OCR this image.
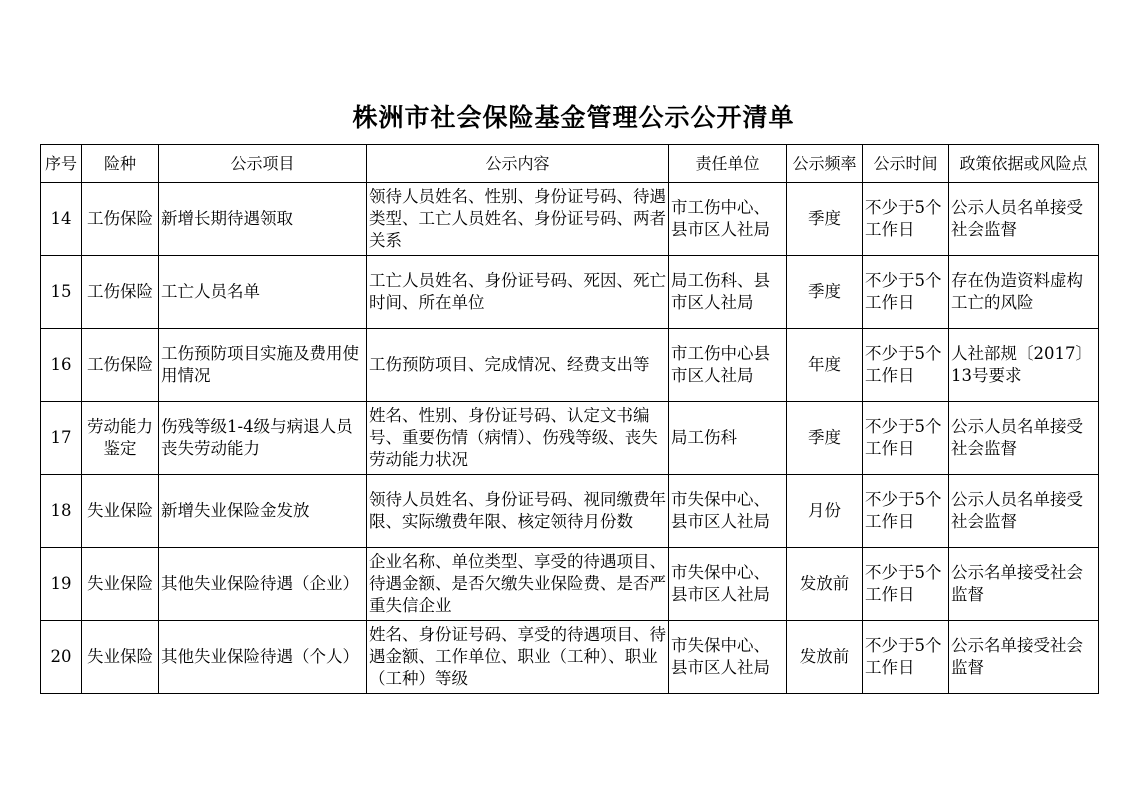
株洲市社会保险基金管理公示公开清单
序号	险种	公示项目	公示内容	责任单位	公示频率	公示时间	政策依据或风险点
14	工伤保险	新增长期待遇领取	领待人员姓名、性别、身份证号码、待遇类型、工亡人员姓名、身份证号码、两者关系	市工伤中心、县市区人社局	季度	不少于5个工作日	公示人员名单接受社会监督
15	工伤保险	工亡人员名单	工亡人员姓名、身份证号码、死因、死亡时间、所在单位	局工伤科、县市区人社局	季度	不少于5个工作日	存在伪造资料虚构工亡的风险
16	工伤保险	工伤预防项目实施及费用使用情况	工伤预防项目、完成情况、经费支出等	市工伤中心县市区人社局	年度	不少于5个工作日	人社部规〔2017〕13号要求
17	劳动能力鉴定	伤残等级1-4级与病退人员丧失劳动能力	姓名、性别、身份证号码、认定文书编号、重要伤情（病情）、伤残等级、丧失劳动能力状况	局工伤科	季度	不少于5个工作日	公示人员名单接受社会监督
18	失业保险	新增失业保险金发放	领待人员姓名、身份证号码、视同缴费年限、实际缴费年限、核定领待月份数	市失保中心、县市区人社局	月份	不少于5个工作日	公示人员名单接受社会监督
19	失业保险	其他失业保险待遇（企业）	企业名称、单位类型、享受的待遇项目、待遇金额、是否欠缴失业保险费、是否严重失信企业	市失保中心、县市区人社局	发放前	不少于5个工作日	公示名单接受社会监督
20	失业保险	其他失业保险待遇（个人）	姓名、身份证号码、享受的待遇项目、待遇金额、工作单位、职业（工种）、职业（工种）等级	市失保中心、县市区人社局	发放前	不少于5个工作日	公示名单接受社会监督
